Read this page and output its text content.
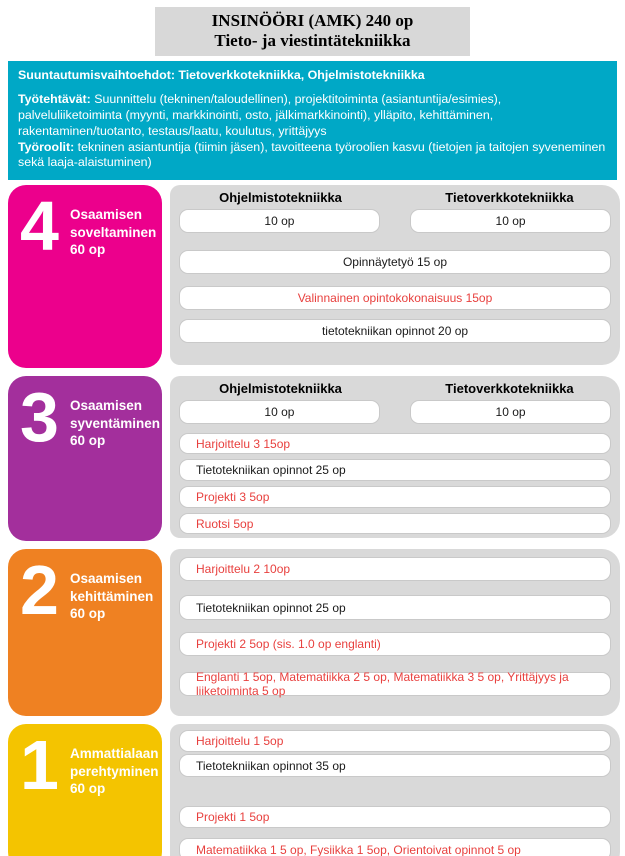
INSINÖÖRI (AMK) 240 op
Tieto- ja viestintätekniikka

Suuntautumisvaihtoehdot: Tietoverkkotekniikka, Ohjelmistotekniikka

Työtehtävät: Suunnittelu (tekninen/taloudellinen), projektitoiminta (asiantuntija/esimies), palveluliiketoiminta (myynti, markkinointi, osto, jälkimarkkinointi), ylläpito, kehittäminen, rakentaminen/tuotanto, testaus/laatu, koulutus, yrittäjyys

Työroolit: tekninen asiantuntija (tiimin jäsen), tavoitteena työroolien kasvu (tietojen ja taitojen syveneminen sekä laaja-alaistuminen)

4 Osaamisen soveltaminen
60 op
Ohjelmistotekniikka	Tietoverkkotekniikka
10 op	10 op
Opinnäytetyö 15 op
Valinnainen opintokokonaisuus 15op
tietotekniikan opinnot 20 op
3 Osaamisen syventäminen
60 op
Ohjelmistotekniikka	Tietoverkkotekniikka
10 op	10 op
Harjoittelu 3 15op
Tietotekniikan opinnot 25 op
Projekti 3 5op
Ruotsi 5op
2 Osaamisen kehittäminen
60 op
Harjoittelu 2 10op
Tietotekniikan opinnot 25 op
Projekti 2 5op (sis. 1.0 op englanti)
Englanti 1 5op, Matematiikka 2 5 op, Matematiikka 3 5 op, Yrittäjyys ja liiketoiminta 5 op
1 Ammattialaan perehtyminen
60 op
Harjoittelu 1 5op
Tietotekniikan opinnot 35 op
Projekti 1 5op
Matematiikka 1 5 op, Fysiikka 1 5op, Orientoivat opinnot 5 op
